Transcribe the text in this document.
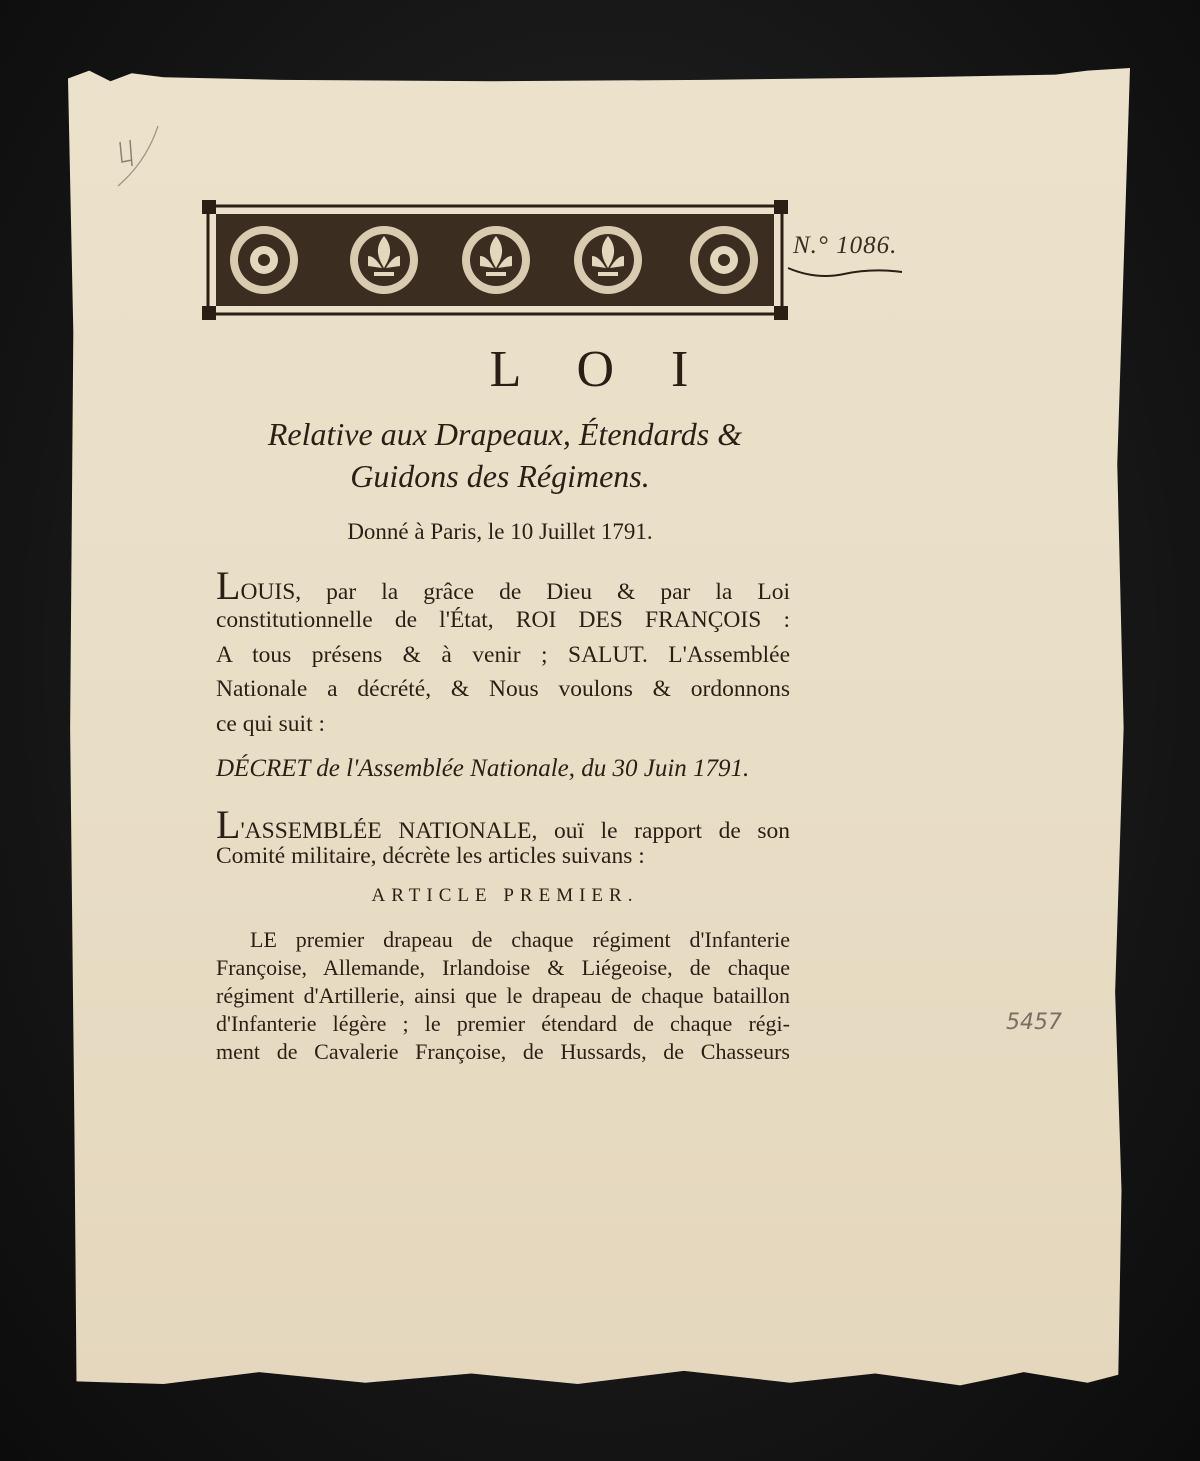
N.° 1086.
L O I
Relative aux Drapeaux, Étendards &
Guidons des Régimens.
Donné à Paris, le 10 Juillet 1791.
LOUIS, par la grâce de Dieu & par la Loi
constitutionnelle de l'État, ROI DES FRANÇOIS :
A tous présens & à venir ; SALUT. L'Assemblée
Nationale a décrété, & Nous voulons & ordonnons
ce qui suit :
DÉCRET de l'Assemblée Nationale, du 30 Juin 1791.
L'ASSEMBLÉE NATIONALE, ouï le rapport de son
Comité militaire, décrète les articles suivans :
ARTICLE PREMIER.
LE premier drapeau de chaque régiment d'Infanterie
Françoise, Allemande, Irlandoise & Liégeoise, de chaque
régiment d'Artillerie, ainsi que le drapeau de chaque bataillon
d'Infanterie légère ; le premier étendard de chaque régi-
ment de Cavalerie Françoise, de Hussards, de Chasseurs
5457
